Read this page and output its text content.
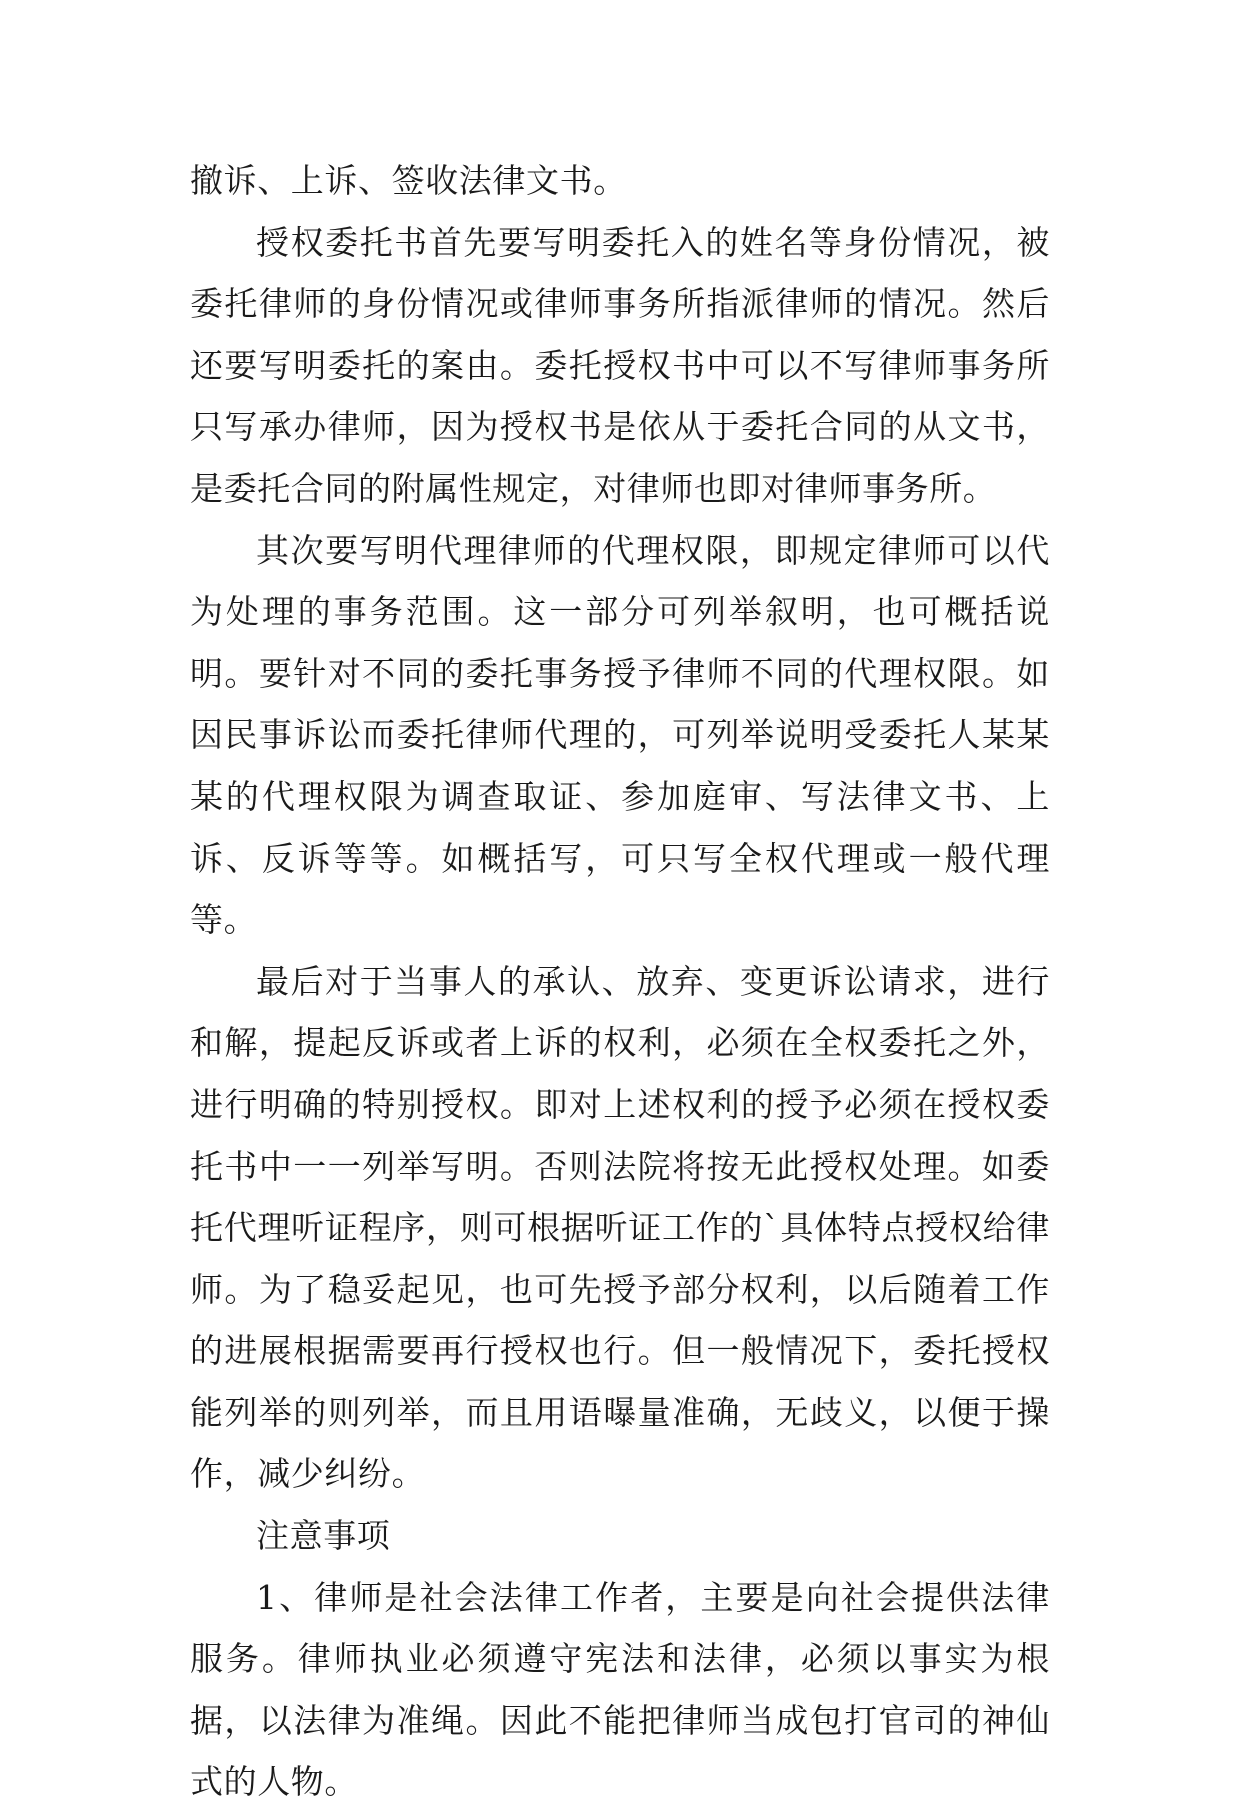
撤诉、上诉、签收法律文书。

授权委托书首先要写明委托入的姓名等身份情况，被委托律师的身份情况或律师事务所指派律师的情况。然后还要写明委托的案由。委托授权书中可以不写律师事务所只写承办律师，因为授权书是依从于委托合同的从文书，是委托合同的附属性规定，对律师也即对律师事务所。

其次要写明代理律师的代理权限，即规定律师可以代为处理的事务范围。这一部分可列举叙明，也可概括说明。要针对不同的委托事务授予律师不同的代理权限。如因民事诉讼而委托律师代理的，可列举说明受委托人某某某的代理权限为调查取证、参加庭审、写法律文书、上诉、反诉等等。如概括写，可只写全权代理或一般代理等。

最后对于当事人的承认、放弃、变更诉讼请求，进行和解，提起反诉或者上诉的权利，必须在全权委托之外，进行明确的特别授权。即对上述权利的授予必须在授权委托书中一一列举写明。否则法院将按无此授权处理。如委托代理听证程序，则可根据听证工作的`具体特点授权给律师。为了稳妥起见，也可先授予部分权利，以后随着工作的进展根据需要再行授权也行。但一般情况下，委托授权能列举的则列举，而且用语曝量准确，无歧义，以便于操作，减少纠纷。

注意事项

1、律师是社会法律工作者，主要是向社会提供法律服务。律师执业必须遵守宪法和法律，必须以事实为根据，以法律为准绳。因此不能把律师当成包打官司的神仙式的人物。
